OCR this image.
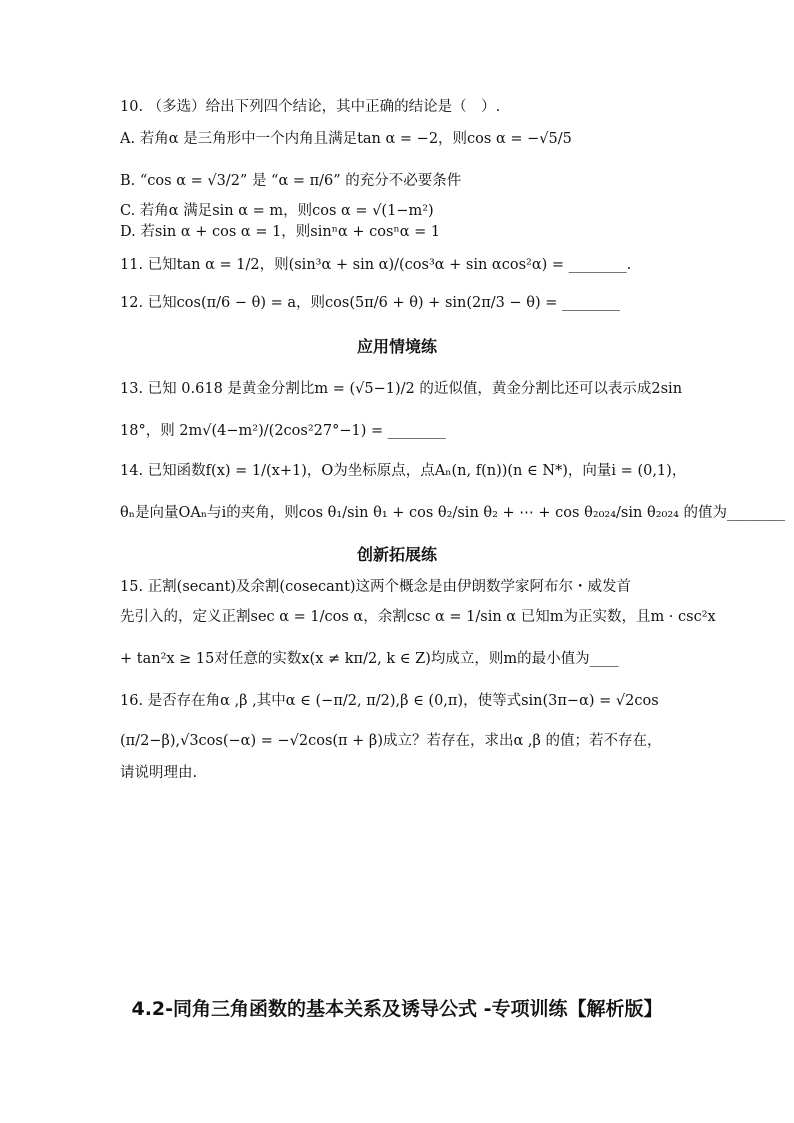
10. （多选）给出下列四个结论，其中正确的结论是（　）.
A. 若角α 是三角形中一个内角且满足tan α = −2，则cos α = −√5/5
B. “cos α = √3/2” 是 “α = π/6” 的充分不必要条件
C. 若角α 满足sin α = m，则cos α = √(1−m²)
D. 若sin α + cos α = 1，则sinⁿα + cosⁿα = 1
11. 已知tan α = 1/2，则(sin³α + sin α)/(cos³α + sin αcos²α) = ________.
12. 已知cos(π/6 − θ) = a，则cos(5π/6 + θ) + sin(2π/3 − θ) = ________
应用情境练
13. 已知 0.618 是黄金分割比m = (√5−1)/2 的近似值，黄金分割比还可以表示成2sin
18°，则 2m√(4−m²)/(2cos²27°−1) = ________
14. 已知函数f(x) = 1/(x+1)，O为坐标原点，点Aₙ(n, f(n))(n ∈ N*)，向量i = (0,1)，
θₙ是向量OAₙ与i的夹角，则cos θ₁/sin θ₁ + cos θ₂/sin θ₂ + ⋯ + cos θ₂₀₂₄/sin θ₂₀₂₄ 的值为________
创新拓展练
15. 正割(secant)及余割(cosecant)这两个概念是由伊朗数学家阿布尔・威发首
先引入的，定义正割sec α = 1/cos α，余割csc α = 1/sin α 已知m为正实数，且m · csc²x
+ tan²x ≥ 15对任意的实数x(x ≠ kπ/2, k ∈ Z)均成立，则m的最小值为____
16. 是否存在角α ,β ,其中α ∈ (−π/2, π/2),β ∈ (0,π)，使等式sin(3π−α) = √2cos
(π/2−β),√3cos(−α) = −√2cos(π + β)成立？若存在，求出α ,β 的值；若不存在，
请说明理由.
4.2-同角三角函数的基本关系及诱导公式 -专项训练【解析版】
